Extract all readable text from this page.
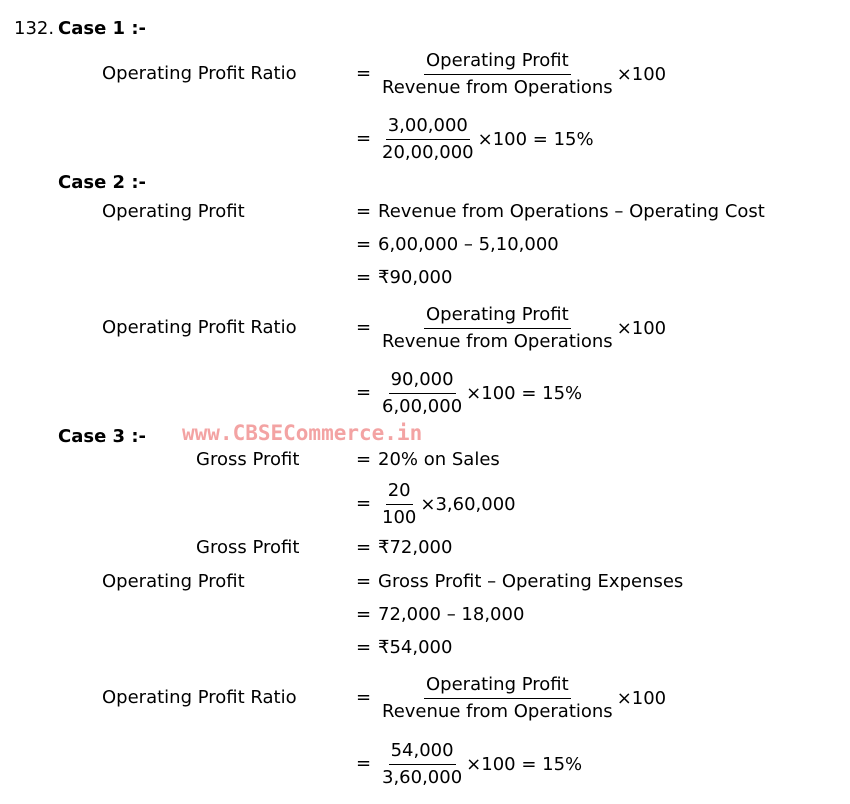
132. Case 1 :-
Operating Profit Ratio	= $\frac{\text{Operating Profit}}{\text{Revenue from Operations}} \times 100$
= $\frac{3,00,000}{20,00,000} \times 100 = 15\%$
Case 2 :-
Operating Profit	= Revenue from Operations – Operating Cost
= 6,00,000 – 5,10,000
= ₹90,000
Operating Profit Ratio	= $\frac{\text{Operating Profit}}{\text{Revenue from Operations}} \times 100$
= $\frac{90,000}{6,00,000} \times 100 = 15\%$
Case 3 :- www.CBSECommerce.in
Gross Profit	= 20% on Sales
= $\frac{20}{100} \times 3,60,000$
Gross Profit	= ₹72,000
Operating Profit	= Gross Profit – Operating Expenses
= 72,000 – 18,000
= ₹54,000
Operating Profit Ratio	= $\frac{\text{Operating Profit}}{\text{Revenue from Operations}} \times 100$
= $\frac{54,000}{3,60,000} \times 100 = 15\%$
